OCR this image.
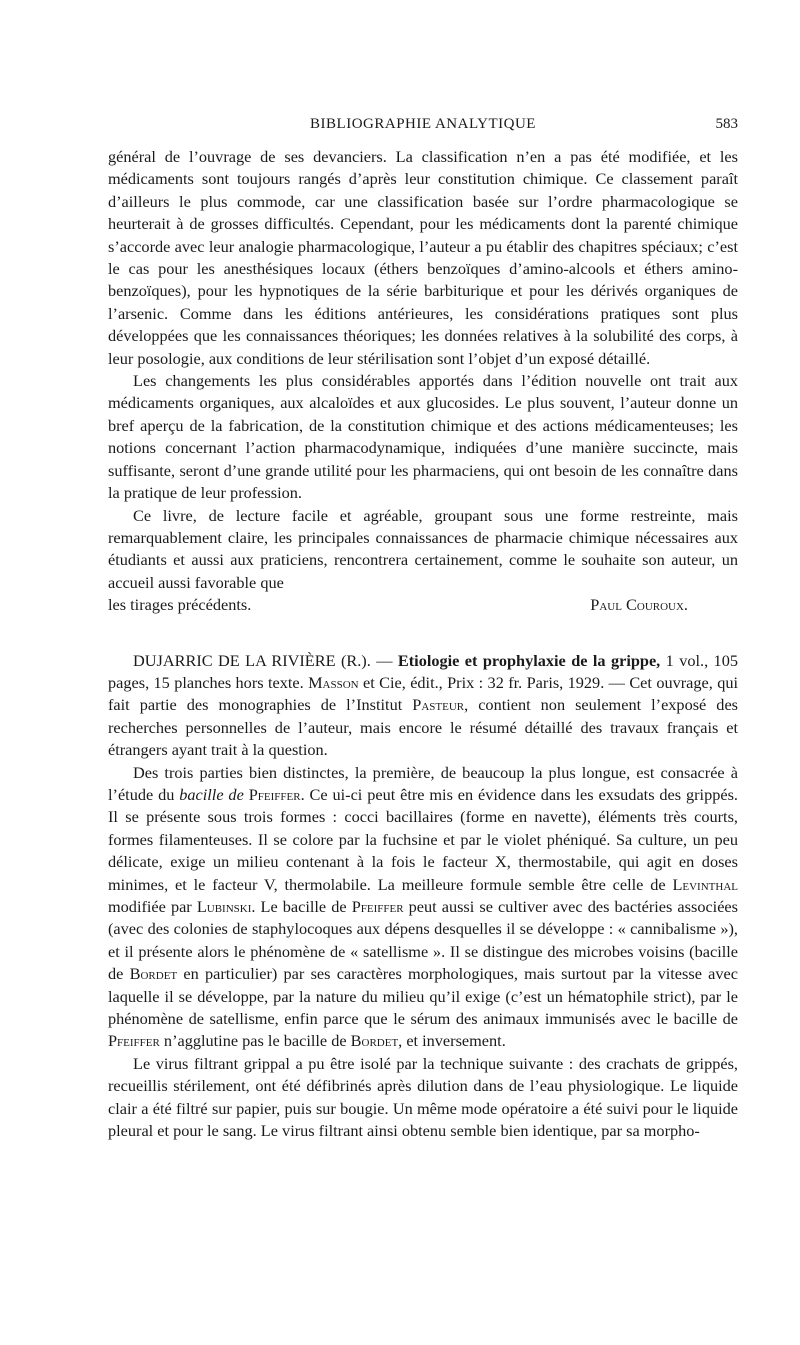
BIBLIOGRAPHIE ANALYTIQUE	583

général de l’ouvrage de ses devanciers. La classification n’en a pas été modifiée, et les médicaments sont toujours rangés d’après leur constitution chimique. Ce classement paraît d’ailleurs le plus commode, car une classification basée sur l’ordre pharmacologique se heurterait à de grosses difficultés. Cependant, pour les médicaments dont la parenté chimique s’accorde avec leur analogie pharmacologique, l’auteur a pu établir des chapitres spéciaux; c’est le cas pour les anesthésiques locaux (éthers benzoïques d’amino-alcools et éthers amino-benzoïques), pour les hypnotiques de la série barbiturique et pour les dérivés organiques de l’arsenic. Comme dans les éditions antérieures, les considérations pratiques sont plus développées que les connaissances théoriques; les données relatives à la solubilité des corps, à leur posologie, aux conditions de leur stérilisation sont l’objet d’un exposé détaillé.

Les changements les plus considérables apportés dans l’édition nouvelle ont trait aux médicaments organiques, aux alcaloïdes et aux glucosides. Le plus souvent, l’auteur donne un bref aperçu de la fabrication, de la constitution chimique et des actions médicamenteuses; les notions concernant l’action pharmacodynamique, indiquées d’une manière succincte, mais suffisante, seront d’une grande utilité pour les pharmaciens, qui ont besoin de les connaître dans la pratique de leur profession.

Ce livre, de lecture facile et agréable, groupant sous une forme restreinte, mais remarquablement claire, les principales connaissances de pharmacie chimique nécessaires aux étudiants et aussi aux praticiens, rencontrera certainement, comme le souhaite son auteur, un accueil aussi favorable que

les tirages précédents.	Paul Couroux.

DUJARRIC DE LA RIVIÈRE (R.). — Etiologie et prophylaxie de la grippe, 1 vol., 105 pages, 15 planches hors texte. Masson et Cie, édit., Prix : 32 fr. Paris, 1929. — Cet ouvrage, qui fait partie des monographies de l’Institut Pasteur, contient non seulement l’exposé des recherches personnelles de l’auteur, mais encore le résumé détaillé des travaux français et étrangers ayant trait à la question.

Des trois parties bien distinctes, la première, de beaucoup la plus longue, est consacrée à l’étude du bacille de Pfeiffer. Ce ui-ci peut être mis en évidence dans les exsudats des grippés. Il se présente sous trois formes : cocci bacillaires (forme en navette), éléments très courts, formes filamenteuses. Il se colore par la fuchsine et par le violet phéniqué. Sa culture, un peu délicate, exige un milieu contenant à la fois le facteur X, thermostabile, qui agit en doses minimes, et le facteur V, thermolabile. La meilleure formule semble être celle de Levinthal modifiée par Lubinski. Le bacille de Pfeiffer peut aussi se cultiver avec des bactéries associées (avec des colonies de staphylocoques aux dépens desquelles il se développe : « cannibalisme »), et il présente alors le phénomène de « satellisme ». Il se distingue des microbes voisins (bacille de Bordet en particulier) par ses caractères morphologiques, mais surtout par la vitesse avec laquelle il se développe, par la nature du milieu qu’il exige (c’est un hématophile strict), par le phénomène de satellisme, enfin parce que le sérum des animaux immunisés avec le bacille de Pfeiffer n’agglutine pas le bacille de Bordet, et inversement.

Le virus filtrant grippal a pu être isolé par la technique suivante : des crachats de grippés, recueillis stérilement, ont été défibrinés après dilution dans de l’eau physiologique. Le liquide clair a été filtré sur papier, puis sur bougie. Un même mode opératoire a été suivi pour le liquide pleural et pour le sang. Le virus filtrant ainsi obtenu semble bien identique, par sa morpho-
